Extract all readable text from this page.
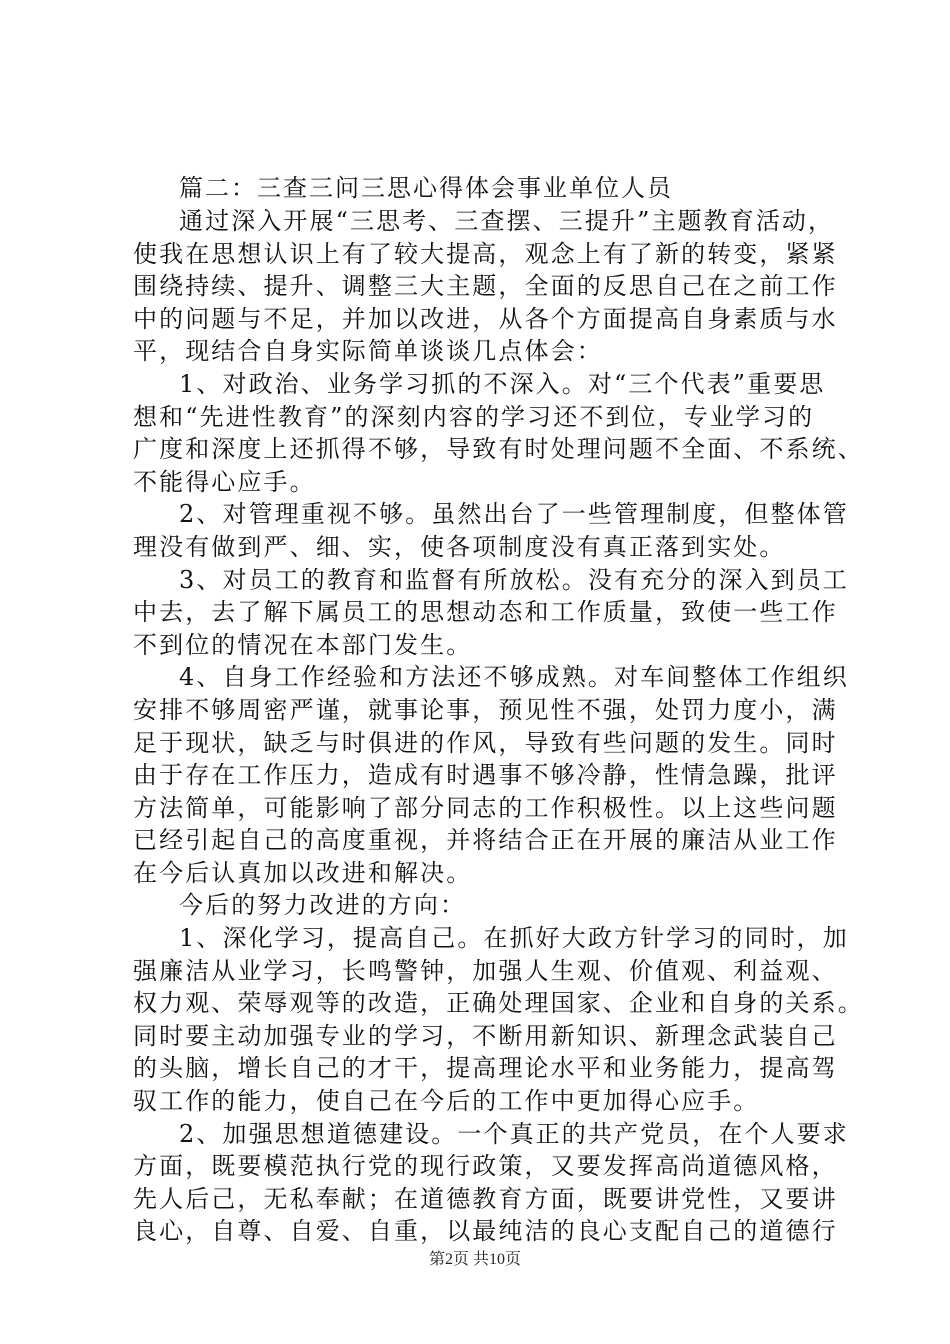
篇二：三查三问三思心得体会事业单位人员
通过深入开展“三思考、三查摆、三提升”主题教育活动，
使我在思想认识上有了较大提高，观念上有了新的转变，紧紧
围绕持续、提升、调整三大主题，全面的反思自己在之前工作
中的问题与不足，并加以改进，从各个方面提高自身素质与水
平，现结合自身实际简单谈谈几点体会：
1、对政治、业务学习抓的不深入。对“三个代表”重要思
想和“先进性教育”的深刻内容的学习还不到位，专业学习的
广度和深度上还抓得不够，导致有时处理问题不全面、不系统、
不能得心应手。
2、对管理重视不够。虽然出台了一些管理制度，但整体管
理没有做到严、细、实，使各项制度没有真正落到实处。
3、对员工的教育和监督有所放松。没有充分的深入到员工
中去，去了解下属员工的思想动态和工作质量，致使一些工作
不到位的情况在本部门发生。
4、自身工作经验和方法还不够成熟。对车间整体工作组织
安排不够周密严谨，就事论事，预见性不强，处罚力度小，满
足于现状，缺乏与时俱进的作风，导致有些问题的发生。同时
由于存在工作压力，造成有时遇事不够冷静，性情急躁，批评
方法简单，可能影响了部分同志的工作积极性。以上这些问题
已经引起自己的高度重视，并将结合正在开展的廉洁从业工作
在今后认真加以改进和解决。
今后的努力改进的方向：
1、深化学习，提高自己。在抓好大政方针学习的同时，加
强廉洁从业学习，长鸣警钟，加强人生观、价值观、利益观、
权力观、荣辱观等的改造，正确处理国家、企业和自身的关系。
同时要主动加强专业的学习，不断用新知识、新理念武装自己
的头脑，增长自己的才干，提高理论水平和业务能力，提高驾
驭工作的能力，使自己在今后的工作中更加得心应手。
2、加强思想道德建设。一个真正的共产党员，在个人要求
方面，既要模范执行党的现行政策，又要发挥高尚道德风格，
先人后己，无私奉献；在道德教育方面，既要讲党性，又要讲
良心，自尊、自爱、自重，以最纯洁的良心支配自己的道德行
第2页 共10页
